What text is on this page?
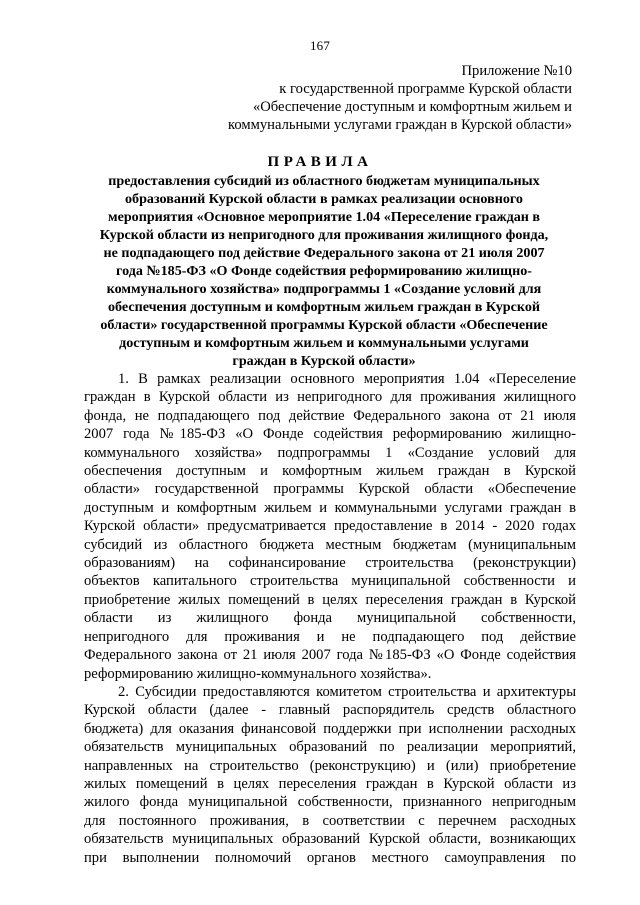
167
Приложение №10
к государственной программе Курской области
«Обеспечение доступным и комфортным жильем и
коммунальными услугами граждан в Курской области»
ПРАВИЛА
предоставления субсидий из областного бюджетам муниципальных
образований Курской области в рамках реализации основного
мероприятия «Основное мероприятие 1.04 «Переселение граждан в
Курской области из непригодного для проживания жилищного фонда,
не подпадающего под действие Федерального закона от 21 июля 2007
года №185-ФЗ «О Фонде содействия реформированию жилищно-
коммунального хозяйства» подпрограммы 1 «Создание условий для
обеспечения доступным и комфортным жильем граждан в Курской
области» государственной программы Курской области «Обеспечение
доступным и комфортным жильем и коммунальными услугами
граждан в Курской области»
1. В рамках реализации основного мероприятия 1.04 «Переселение
граждан в Курской области из непригодного для проживания жилищного
фонда, не подпадающего под действие Федерального закона от 21 июля
2007 года №185-ФЗ «О Фонде содействия реформированию жилищно-
коммунального хозяйства» подпрограммы 1 «Создание условий для
обеспечения доступным и комфортным жильем граждан в Курской
области» государственной программы Курской области «Обеспечение
доступным и комфортным жильем и коммунальными услугами граждан в
Курской области» предусматривается предоставление в 2014 - 2020 годах
субсидий из областного бюджета местным бюджетам (муниципальным
образованиям) на софинансирование строительства (реконструкции)
объектов капитального строительства муниципальной собственности и
приобретение жилых помещений в целях переселения граждан в Курской
области из жилищного фонда муниципальной собственности,
непригодного для проживания и не подпадающего под действие
Федерального закона от 21 июля 2007 года №185-ФЗ «О Фонде содействия
реформированию жилищно-коммунального хозяйства».
2. Субсидии предоставляются комитетом строительства и архитектуры
Курской области (далее - главный распорядитель средств областного
бюджета) для оказания финансовой поддержки при исполнении расходных
обязательств муниципальных образований по реализации мероприятий,
направленных на строительство (реконструкцию) и (или) приобретение
жилых помещений в целях переселения граждан в Курской области из
жилого фонда муниципальной собственности, признанного непригодным
для постоянного проживания, в соответствии с перечнем расходных
обязательств муниципальных образований Курской области, возникающих
при выполнении полномочий органов местного самоуправления по
